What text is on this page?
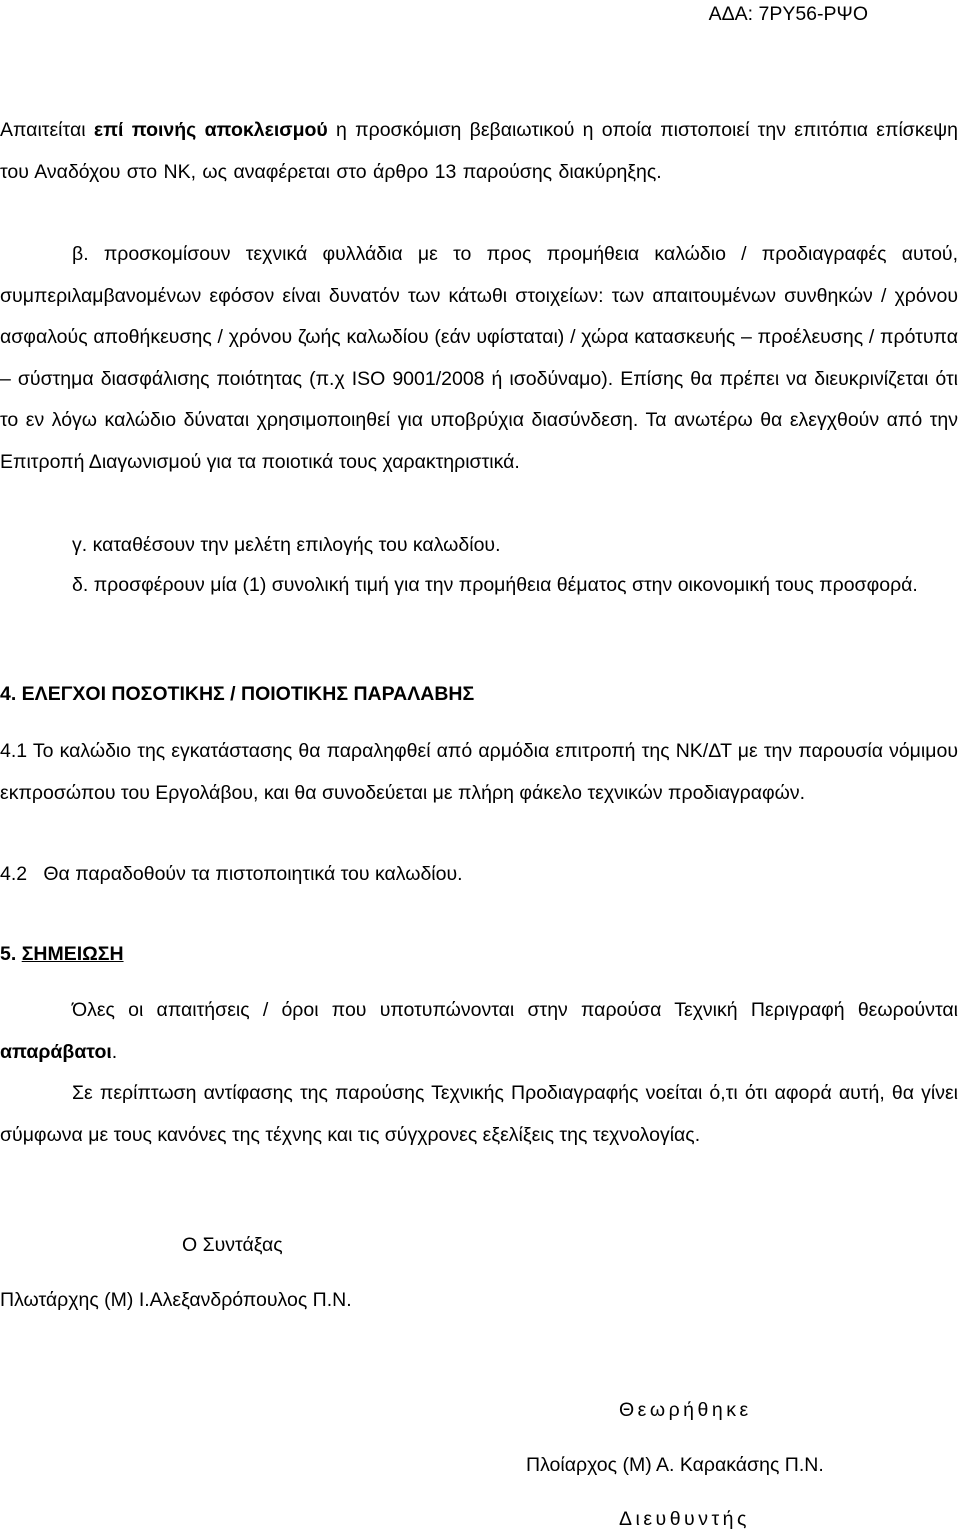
ΑΔΑ: 7ΡΥ56-ΡΨΟ

Απαιτείται επί ποινής αποκλεισμού η προσκόμιση βεβαιωτικού η οποία πιστοποιεί την επιτόπια επίσκεψη του Αναδόχου στο ΝΚ, ως αναφέρεται στο άρθρο 13 παρούσης διακύρηξης.

β. προσκομίσουν τεχνικά φυλλάδια με το προς προμήθεια καλώδιο / προδιαγραφές αυτού, συμπεριλαμβανομένων εφόσον είναι δυνατόν των κάτωθι στοιχείων: των απαιτουμένων συνθηκών / χρόνου ασφαλούς αποθήκευσης / χρόνου ζωής καλωδίου (εάν υφίσταται) / χώρα κατασκευής – προέλευσης / πρότυπα – σύστημα διασφάλισης ποιότητας (π.χ ISO 9001/2008 ή ισοδύναμο). Επίσης θα πρέπει να διευκρινίζεται ότι το εν λόγω καλώδιο δύναται χρησιμοποιηθεί για υποβρύχια διασύνδεση. Τα ανωτέρω θα ελεγχθούν από την Επιτροπή Διαγωνισμού για τα ποιοτικά τους χαρακτηριστικά.

γ. καταθέσουν την μελέτη επιλογής του καλωδίου.

δ. προσφέρουν μία (1) συνολική τιμή για την προμήθεια θέματος στην οικονομική τους προσφορά.

4. ΕΛΕΓΧΟΙ ΠΟΣΟΤΙΚΗΣ / ΠΟΙΟΤΙΚΗΣ ΠΑΡΑΛΑΒΗΣ

4.1 Το καλώδιο της εγκατάστασης θα παραληφθεί από αρμόδια επιτροπή της ΝΚ/ΔΤ με την παρουσία νόμιμου εκπροσώπου του Εργολάβου, και θα συνοδεύεται με πλήρη φάκελο τεχνικών προδιαγραφών.

4.2   Θα παραδοθούν τα πιστοποιητικά του καλωδίου.

5. ΣΗΜΕΙΩΣΗ

Όλες οι απαιτήσεις / όροι που υποτυπώνονται στην παρούσα Τεχνική Περιγραφή θεωρούνται απαράβατοι.

Σε περίπτωση αντίφασης της παρούσης Τεχνικής Προδιαγραφής νοείται ό,τι ότι αφορά αυτή, θα γίνει σύμφωνα με τους κανόνες της τέχνης και τις σύγχρονες εξελίξεις της τεχνολογίας.

Ο Συντάξας

Πλωτάρχης (Μ) Ι.Αλεξανδρόπουλος Π.Ν.

Θεωρήθηκε

Πλοίαρχος (Μ) Α. Καρακάσης Π.Ν.

Διευθυντής
